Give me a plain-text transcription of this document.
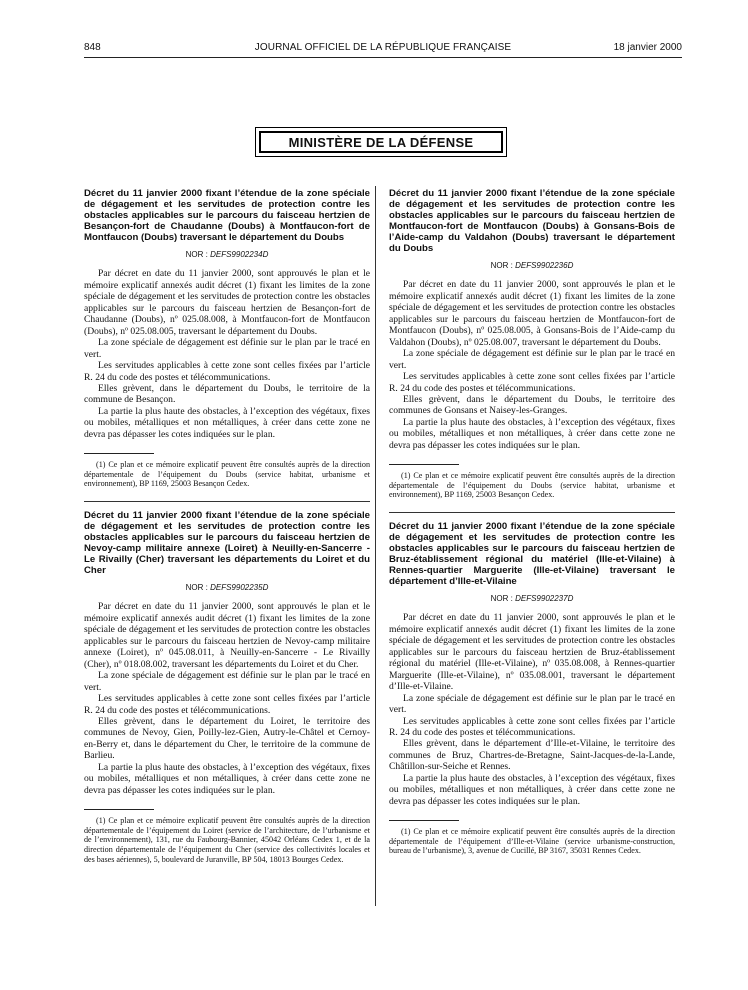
848	JOURNAL OFFICIEL DE LA RÉPUBLIQUE FRANÇAISE	18 janvier 2000
MINISTÈRE DE LA DÉFENSE

Décret du 11 janvier 2000 fixant l’étendue de la zone spéciale de dégagement et les servitudes de protection contre les obstacles applicables sur le parcours du faisceau hertzien de Besançon-fort de Chaudanne (Doubs) à Montfaucon-fort de Montfaucon (Doubs) traversant le département du Doubs

NOR : DEFS9902234D

Par décret en date du 11 janvier 2000, sont approuvés le plan et le mémoire explicatif annexés audit décret (1) fixant les limites de la zone spéciale de dégagement et les servitudes de protection contre les obstacles applicables sur le parcours du faisceau hertzien de Besançon-fort de Chaudanne (Doubs), nº 025.08.008, à Montfaucon-fort de Montfaucon (Doubs), nº 025.08.005, traversant le département du Doubs.

La zone spéciale de dégagement est définie sur le plan par le tracé en vert.

Les servitudes applicables à cette zone sont celles fixées par l’article R. 24 du code des postes et télécommunications.

Elles grèvent, dans le département du Doubs, le territoire de la commune de Besançon.

La partie la plus haute des obstacles, à l’exception des végétaux, fixes ou mobiles, métalliques et non métalliques, à créer dans cette zone ne devra pas dépasser les cotes indiquées sur le plan.

(1) Ce plan et ce mémoire explicatif peuvent être consultés auprès de la direction départementale de l’équipement du Doubs (service habitat, urbanisme et environnement), BP 1169, 25003 Besançon Cedex.

Décret du 11 janvier 2000 fixant l’étendue de la zone spéciale de dégagement et les servitudes de protection contre les obstacles applicables sur le parcours du faisceau hertzien de Nevoy-camp militaire annexe (Loiret) à Neuilly-en-Sancerre - Le Rivailly (Cher) traversant les départements du Loiret et du Cher

NOR : DEFS9902235D

Par décret en date du 11 janvier 2000, sont approuvés le plan et le mémoire explicatif annexés audit décret (1) fixant les limites de la zone spéciale de dégagement et les servitudes de protection contre les obstacles applicables sur le parcours du faisceau hertzien de Nevoy-camp militaire annexe (Loiret), nº 045.08.011, à Neuilly-en-Sancerre - Le Rivailly (Cher), nº 018.08.002, traversant les départements du Loiret et du Cher.

La zone spéciale de dégagement est définie sur le plan par le tracé en vert.

Les servitudes applicables à cette zone sont celles fixées par l’article R. 24 du code des postes et télécommunications.

Elles grèvent, dans le département du Loiret, le territoire des communes de Nevoy, Gien, Poilly-lez-Gien, Autry-le-Châtel et Cernoy-en-Berry et, dans le département du Cher, le territoire de la commune de Barlieu.

La partie la plus haute des obstacles, à l’exception des végétaux, fixes ou mobiles, métalliques et non métalliques, à créer dans cette zone ne devra pas dépasser les cotes indiquées sur le plan.

(1) Ce plan et ce mémoire explicatif peuvent être consultés auprès de la direction départementale de l’équipement du Loiret (service de l’architecture, de l’urbanisme et de l’environnement), 131, rue du Faubourg-Bannier, 45042 Orléans Cedex 1, et de la direction départementale de l’équipement du Cher (service des collectivités locales et des bases aériennes), 5, boulevard de Juranville, BP 504, 18013 Bourges Cedex.

Décret du 11 janvier 2000 fixant l’étendue de la zone spéciale de dégagement et les servitudes de protection contre les obstacles applicables sur le parcours du faisceau hertzien de Montfaucon-fort de Montfaucon (Doubs) à Gonsans-Bois de l’Aide-camp du Valdahon (Doubs) traversant le département du Doubs

NOR : DEFS9902236D

Par décret en date du 11 janvier 2000, sont approuvés le plan et le mémoire explicatif annexés audit décret (1) fixant les limites de la zone spéciale de dégagement et les servitudes de protection contre les obstacles applicables sur le parcours du faisceau hertzien de Montfaucon-fort de Montfaucon (Doubs), nº 025.08.005, à Gonsans-Bois de l’Aide-camp du Valdahon (Doubs), nº 025.08.007, traversant le département du Doubs.

La zone spéciale de dégagement est définie sur le plan par le tracé en vert.

Les servitudes applicables à cette zone sont celles fixées par l’article R. 24 du code des postes et télécommunications.

Elles grèvent, dans le département du Doubs, le territoire des communes de Gonsans et Naisey-les-Granges.

La partie la plus haute des obstacles, à l’exception des végétaux, fixes ou mobiles, métalliques et non métalliques, à créer dans cette zone ne devra pas dépasser les cotes indiquées sur le plan.

(1) Ce plan et ce mémoire explicatif peuvent être consultés auprès de la direction départementale de l’équipement du Doubs (service habitat, urbanisme et environnement), BP 1169, 25003 Besançon Cedex.

Décret du 11 janvier 2000 fixant l’étendue de la zone spéciale de dégagement et les servitudes de protection contre les obstacles applicables sur le parcours du faisceau hertzien de Bruz-établissement régional du matériel (Ille-et-Vilaine) à Rennes-quartier Marguerite (Ille-et-Vilaine) traversant le département d’Ille-et-Vilaine

NOR : DEFS9902237D

Par décret en date du 11 janvier 2000, sont approuvés le plan et le mémoire explicatif annexés audit décret (1) fixant les limites de la zone spéciale de dégagement et les servitudes de protection contre les obstacles applicables sur le parcours du faisceau hertzien de Bruz-établissement régional du matériel (Ille-et-Vilaine), nº 035.08.008, à Rennes-quartier Marguerite (Ille-et-Vilaine), nº 035.08.001, traversant le département d’Ille-et-Vilaine.

La zone spéciale de dégagement est définie sur le plan par le tracé en vert.

Les servitudes applicables à cette zone sont celles fixées par l’article R. 24 du code des postes et télécommunications.

Elles grèvent, dans le département d’Ille-et-Vilaine, le territoire des communes de Bruz, Chartres-de-Bretagne, Saint-Jacques-de-la-Lande, Châtillon-sur-Seiche et Rennes.

La partie la plus haute des obstacles, à l’exception des végétaux, fixes ou mobiles, métalliques et non métalliques, à créer dans cette zone ne devra pas dépasser les cotes indiquées sur le plan.

(1) Ce plan et ce mémoire explicatif peuvent être consultés auprès de la direction départementale de l’équipement d’Ille-et-Vilaine (service urbanisme-construction, bureau de l’urbanisme), 3, avenue de Cucillé, BP 3167, 35031 Rennes Cedex.
